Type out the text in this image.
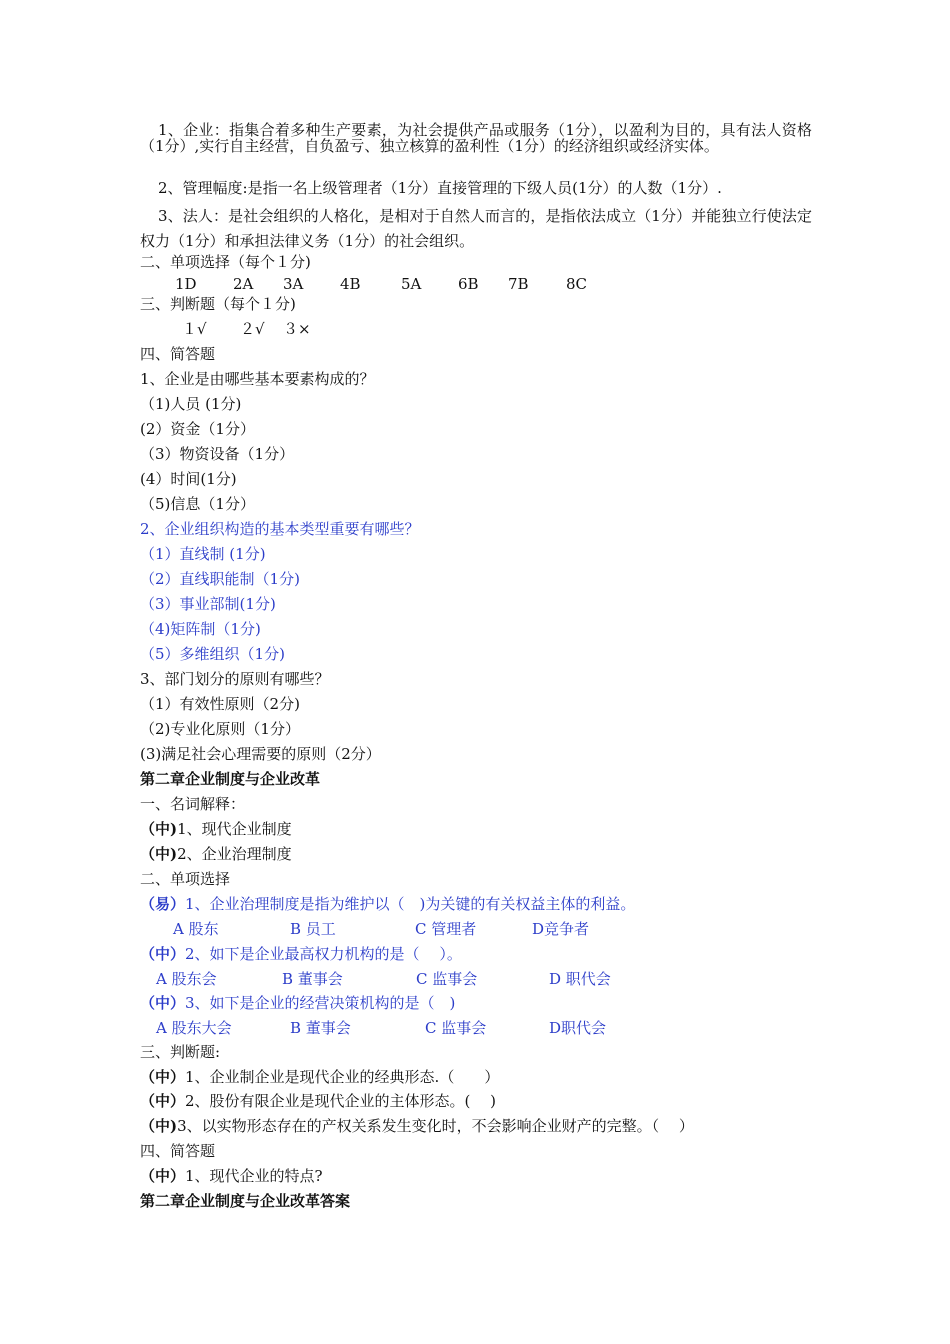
1、企业：指集合着多种生产要素，为社会提供产品或服务（1分），以盈利为目的，具有法人资格（1分）,实行自主经营，自负盈亏、独立核算的盈利性（1分）的经济组织或经济实体。
2、管理幅度:是指一名上级管理者（1分）直接管理的下级人员(1分）的人数（1分）.
3、法人：是社会组织的人格化，是相对于自然人而言的，是指依法成立（1分）并能独立行使法定权力（1分）和承担法律义务（1分）的社会组织。
二、单项选择（每个１分)
1D 2A 3A 4B	5A 6B 7B 8C
三、判断题（每个１分)
１√ ２√ ３×
四、简答题
1、企业是由哪些基本要素构成的？
（1)人员 (1分)
(2）资金（1分）
（3）物资设备（1分）
(4）时间(1分)
（5)信息（1分）
2、企业组织构造的基本类型重要有哪些？
（1）直线制 (1分)
（2）直线职能制（1分)
（3）事业部制(1分)
（4)矩阵制（1分)
（5）多维组织（1分)
3、部门划分的原则有哪些？
（1）有效性原则（2分)
（2)专业化原则（1分）
(3)满足社会心理需要的原则（2分）
第二章企业制度与企业改革
一、名词解释：
（中)1、现代企业制度
（中)2、企业治理制度
二、单项选择
（易）1、企业治理制度是指为维护以（　)为关键的有关权益主体的利益。
A 股东	B 员工	C 管理者	D竞争者
（中）2、如下是企业最高权力机构的是（　 ）。
A 股东会	B 董事会	C 监事会	D 职代会
（中）3、如下是企业的经营决策机构的是（　)
A 股东大会	B 董事会	C 监事会	D职代会
三、判断题:
（中）1、企业制企业是现代企业的经典形态.（　　）
（中）2、股份有限企业是现代企业的主体形态。(　 )
（中)3、以实物形态存在的产权关系发生变化时，不会影响企业财产的完整。（　 ）
四、简答题
（中）1、现代企业的特点?
第二章企业制度与企业改革答案
